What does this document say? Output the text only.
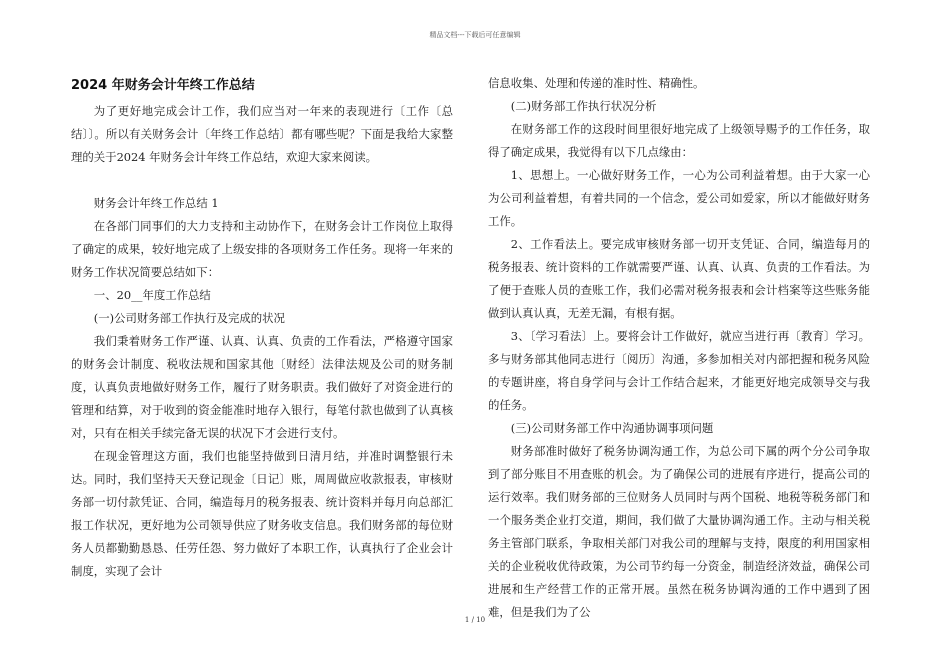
精品文档---下载后可任意编辑
2024 年财务会计年终工作总结

为了更好地完成会计工作，我们应当对一年来的表现进行〔工作〔总结〕〕。所以有关财务会计〔年终工作总结〕都有哪些呢？下面是我给大家整理的关于2024 年财务会计年终工作总结，欢迎大家来阅读。

财务会计年终工作总结 1

在各部门同事们的大力支持和主动协作下，在财务会计工作岗位上取得了确定的成果，较好地完成了上级安排的各项财务工作任务。现将一年来的财务工作状况简要总结如下：

一、20__年度工作总结

(一)公司财务部工作执行及完成的状况

我们秉着财务工作严谨、认真、认真、负责的工作看法，严格遵守国家的财务会计制度、税收法规和国家其他〔财经〕法律法规及公司的财务制度，认真负责地做好财务工作，履行了财务职责。我们做好了对资金进行的管理和结算，对于收到的资金能准时地存入银行，每笔付款也做到了认真核对，只有在相关手续完备无误的状况下才会进行支付。

在现金管理这方面，我们也能坚持做到日清月结，并准时调整银行未达。同时，我们坚持天天登记现金〔日记〕账，周周做应收款报表，审核财务部一切付款凭证、合同，编造每月的税务报表、统计资料并每月向总部汇报工作状况，更好地为公司领导供应了财务收支信息。我们财务部的每位财务人员都勤勤恳恳、任劳任怨、努力做好了本职工作，认真执行了企业会计制度，实现了会计

信息收集、处理和传递的准时性、精确性。

(二)财务部工作执行状况分析

在财务部工作的这段时间里很好地完成了上级领导赐予的工作任务，取得了确定成果，我觉得有以下几点缘由：

1、思想上。一心做好财务工作，一心为公司利益着想。由于大家一心为公司利益着想，有着共同的一个信念，爱公司如爱家，所以才能做好财务工作。

2、工作看法上。要完成审核财务部一切开支凭证、合同，编造每月的税务报表、统计资料的工作就需要严谨、认真、认真、负责的工作看法。为了便于查账人员的查账工作，我们必需对税务报表和会计档案等这些账务能做到认真认真，无差无漏，有根有据。

3、〔学习看法〕上。要将会计工作做好，就应当进行再〔教育〕学习。多与财务部其他同志进行〔阅历〕沟通，多参加相关对内部把握和税务风险的专题讲座，将自身学问与会计工作结合起来，才能更好地完成领导交与我的任务。

(三)公司财务部工作中沟通协调事项问题

财务部准时做好了税务协调沟通工作，为总公司下属的两个分公司争取到了部分账目不用查账的机会。为了确保公司的进展有序进行，提高公司的运行效率。我们财务部的三位财务人员同时与两个国税、地税等税务部门和一个服务类企业打交道，期间，我们做了大量协调沟通工作。主动与相关税务主管部门联系，争取相关部门对我公司的理解与支持，限度的利用国家相关的企业税收优待政策，为公司节约每一分资金，制造经济效益，确保公司进展和生产经营工作的正常开展。虽然在税务协调沟通的工作中遇到了困难，但是我们为了公

1 / 10
